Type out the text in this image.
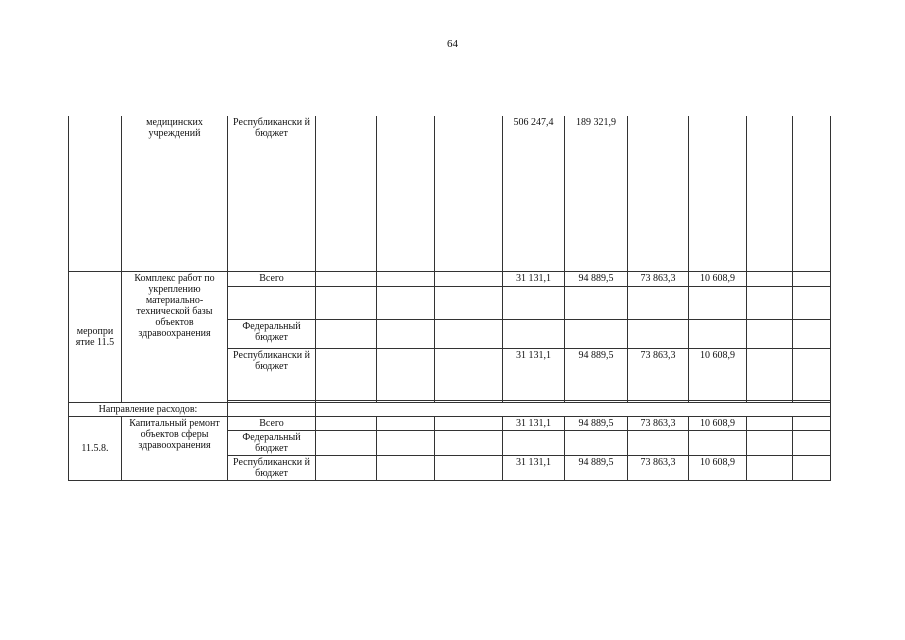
64
	медицинских учреждений	Республикански й бюджет				506 247,4	189 321,9				
меропри ятие 11.5	Комплекс работ по укреплению материально-технической базы объектов здравоохранения	Всего				31 131,1	94 889,5	73 863,3	10 608,9		

		Федеральный бюджет									
		Республикански й бюджет				31 131,1	94 889,5	73 863,3	10 608,9		

Направление расходов:											
11.5.8.	Капитальный ремонт объектов сферы здравоохранения	Всего				31 131,1	94 889,5	73 863,3	10 608,9		
		Федеральный бюджет									
		Республикански й бюджет				31 131,1	94 889,5	73 863,3	10 608,9		
